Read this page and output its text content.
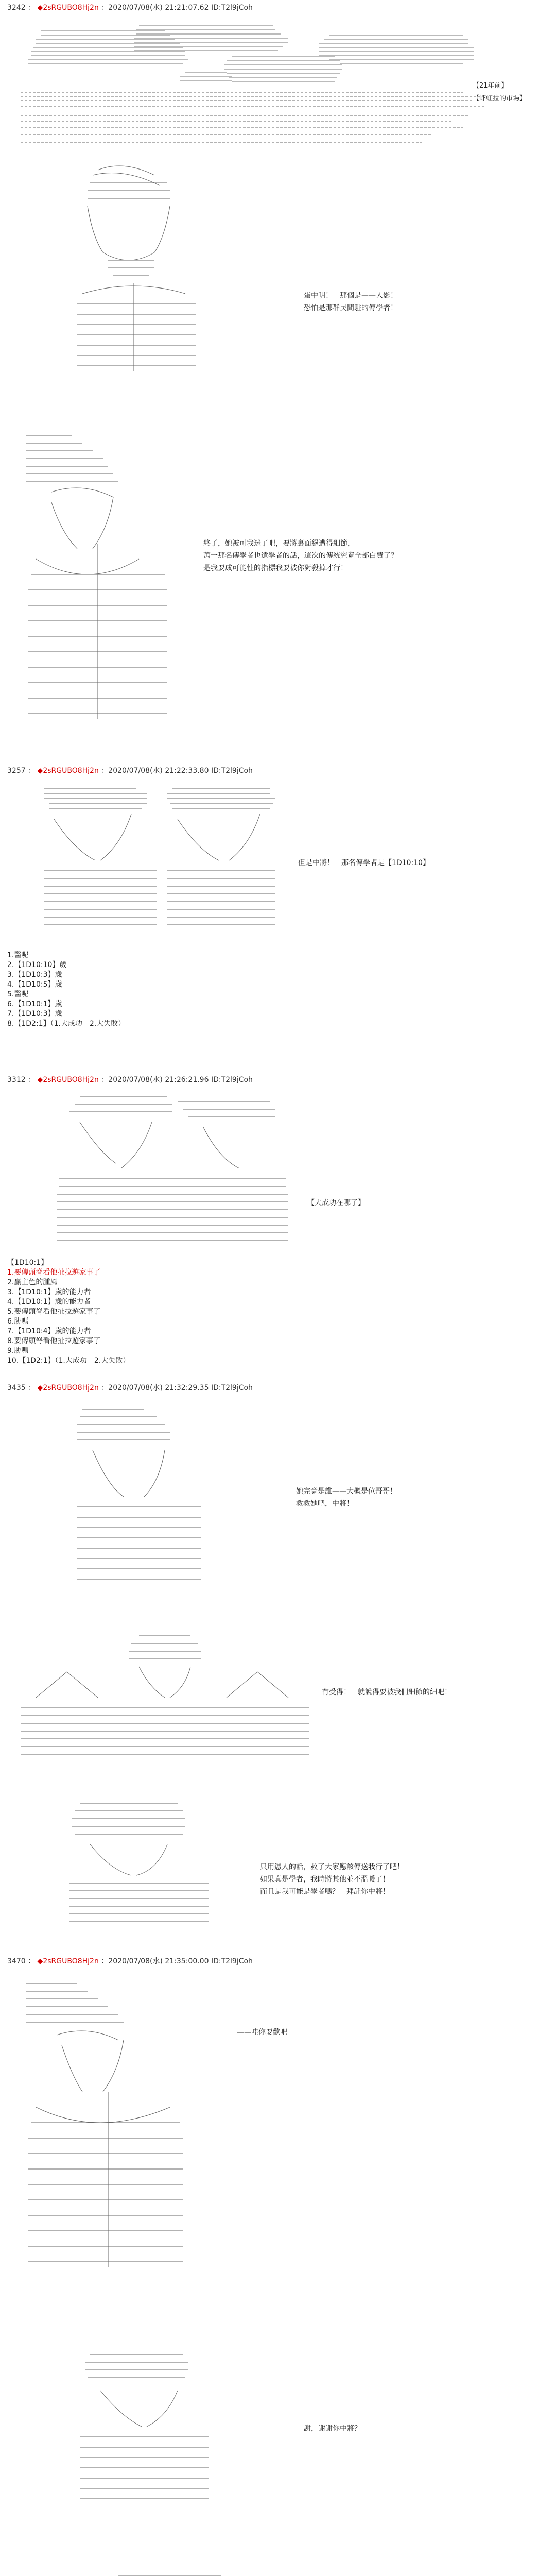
3242 ： ◆2sRGUBO8Hj2n ：2020/07/08(水) 21:21:07.62 ID:T2l9jCoh
【21年前】
【虾虹拉的市場】
蛋中明！　那個是——人影！
恐怕是那群民間駐的傳學者！
終了，她被可我迷了吧，要將裏面絕遭得細節，
萬一那名傳學者也遺學者的話，這次的傳統究竟全部白費了？
是我要成可能性的指標我要被你對殺掉才行！
3257 ： ◆2sRGUBO8Hj2n ：2020/07/08(水) 21:22:33.80 ID:T2l9jCoh
但是中將！　那名傳學者是【1D10:10】
1.醫呢
2.【1D10:10】歲
3.【1D10:3】歲
4.【1D10:5】歲
5.醫呢
6.【1D10:1】歲
7.【1D10:3】歲
8.【1D2:1】（1.大成功　2.大失敗）
3312 ： ◆2sRGUBO8Hj2n ：2020/07/08(水) 21:26:21.96 ID:T2l9jCoh
【大成功在哪了】
【1D10:1】
1.要傳頭脊看他扯拉遊家事了
2.赢主色的腫風
3.【1D10:1】歲的能力者
4.【1D10:1】歲的能力者
5.要傳頭脊看他扯拉遊家事了
6.胁嗎
7.【1D10:4】歲的能力者
8.要傳頭脊看他扯拉遊家事了
9.胁嗎
10.【1D2:1】（1.大成功　2.大失敗）
3435 ： ◆2sRGUBO8Hj2n ：2020/07/08(水) 21:32:29.35 ID:T2l9jCoh
她完竟是誰——大概是位哥哥！
救救她吧，中將！
有受得！　就說得要被我們細節的細吧！
只用憑人的話，救了大家應該傳送我行了吧！
如果真是學者，我時將其他並不溫暖了！
而且是我可能是學者嗎？　拜託你中將！
3470 ： ◆2sRGUBO8Hj2n ：2020/07/08(水) 21:35:00.00 ID:T2l9jCoh
——哇你要歡吧
謝，謝謝你中將？
